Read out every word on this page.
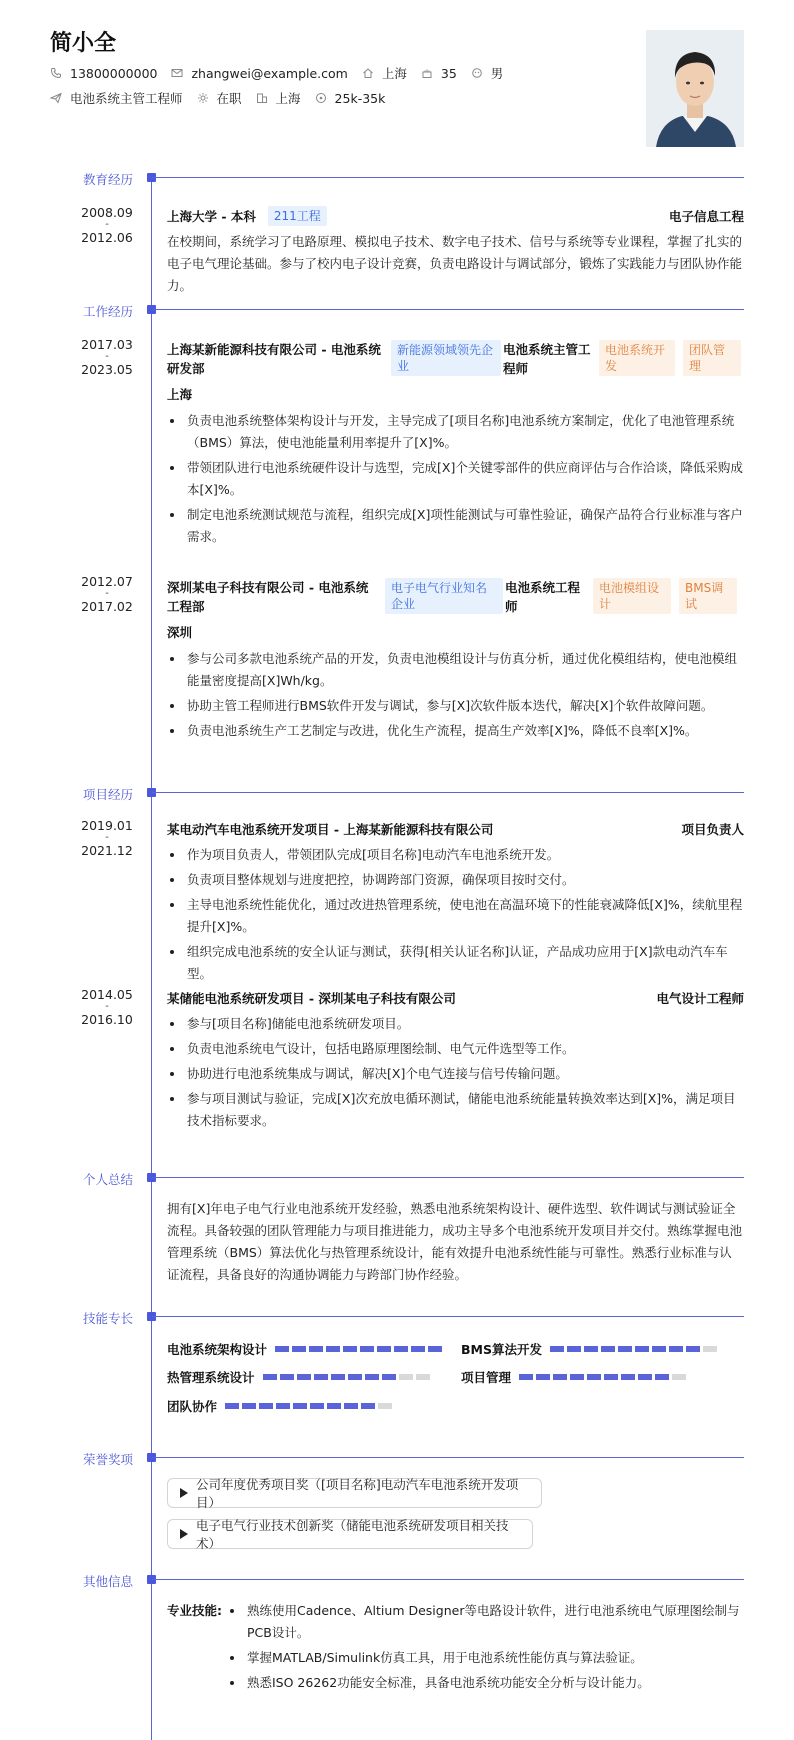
简小全
13800000000	zhangwei@example.com	上海	35	男
电池系统主管工程师	在职	上海	25k-35k
教育经历
2008.09
-
2012.06
上海大学 - 本科 211工程	电子信息工程
在校期间，系统学习了电路原理、模拟电子技术、数字电子技术、信号与系统等专业课程，掌握了扎实的电子电气理论基础。参与了校内电子设计竞赛，负责电路设计与调试部分，锻炼了实践能力与团队协作能力。
工作经历
2017.03
-
2023.05
上海某新能源科技有限公司 - 电池系统研发部
新能源领域领先企业
电池系统主管工程师
电池系统开发
团队管理
上海
负责电池系统整体架构设计与开发，主导完成了[项目名称]电池系统方案制定，优化了电池管理系统（BMS）算法，使电池能量利用率提升了[X]%。
带领团队进行电池系统硬件设计与选型，完成[X]个关键零部件的供应商评估与合作洽谈，降低采购成本[X]%。
制定电池系统测试规范与流程，组织完成[X]项性能测试与可靠性验证，确保产品符合行业标准与客户需求。
2012.07
-
2017.02
深圳某电子科技有限公司 - 电池系统工程部
电子电气行业知名企业
电池系统工程师
电池模组设计
BMS调试
深圳
参与公司多款电池系统产品的开发，负责电池模组设计与仿真分析，通过优化模组结构，使电池模组能量密度提高[X]Wh/kg。
协助主管工程师进行BMS软件开发与调试，参与[X]次软件版本迭代，解决[X]个软件故障问题。
负责电池系统生产工艺制定与改进，优化生产流程，提高生产效率[X]%，降低不良率[X]%。
项目经历
2019.01
-
2021.12
某电动汽车电池系统开发项目 - 上海某新能源科技有限公司	项目负责人
作为项目负责人，带领团队完成[项目名称]电动汽车电池系统开发。
负责项目整体规划与进度把控，协调跨部门资源，确保项目按时交付。
主导电池系统性能优化，通过改进热管理系统，使电池在高温环境下的性能衰减降低[X]%，续航里程提升[X]%。
组织完成电池系统的安全认证与测试，获得[相关认证名称]认证，产品成功应用于[X]款电动汽车车型。
2014.05
-
2016.10
某储能电池系统研发项目 - 深圳某电子科技有限公司	电气设计工程师
参与[项目名称]储能电池系统研发项目。
负责电池系统电气设计，包括电路原理图绘制、电气元件选型等工作。
协助进行电池系统集成与调试，解决[X]个电气连接与信号传输问题。
参与项目测试与验证，完成[X]次充放电循环测试，储能电池系统能量转换效率达到[X]%，满足项目技术指标要求。
个人总结
拥有[X]年电子电气行业电池系统开发经验，熟悉电池系统架构设计、硬件选型、软件调试与测试验证全流程。具备较强的团队管理能力与项目推进能力，成功主导多个电池系统开发项目并交付。熟练掌握电池管理系统（BMS）算法优化与热管理系统设计，能有效提升电池系统性能与可靠性。熟悉行业标准与认证流程，具备良好的沟通协调能力与跨部门协作经验。
技能专长
电池系统架构设计	BMS算法开发
热管理系统设计	项目管理
团队协作
荣誉奖项
公司年度优秀项目奖（[项目名称]电动汽车电池系统开发项目）
电子电气行业技术创新奖（储能电池系统研发项目相关技术）
其他信息
专业技能:	熟练使用Cadence、Altium Designer等电路设计软件，进行电池系统电气原理图绘制与PCB设计。
掌握MATLAB/Simulink仿真工具，用于电池系统性能仿真与算法验证。
熟悉ISO 26262功能安全标准，具备电池系统功能安全分析与设计能力。
